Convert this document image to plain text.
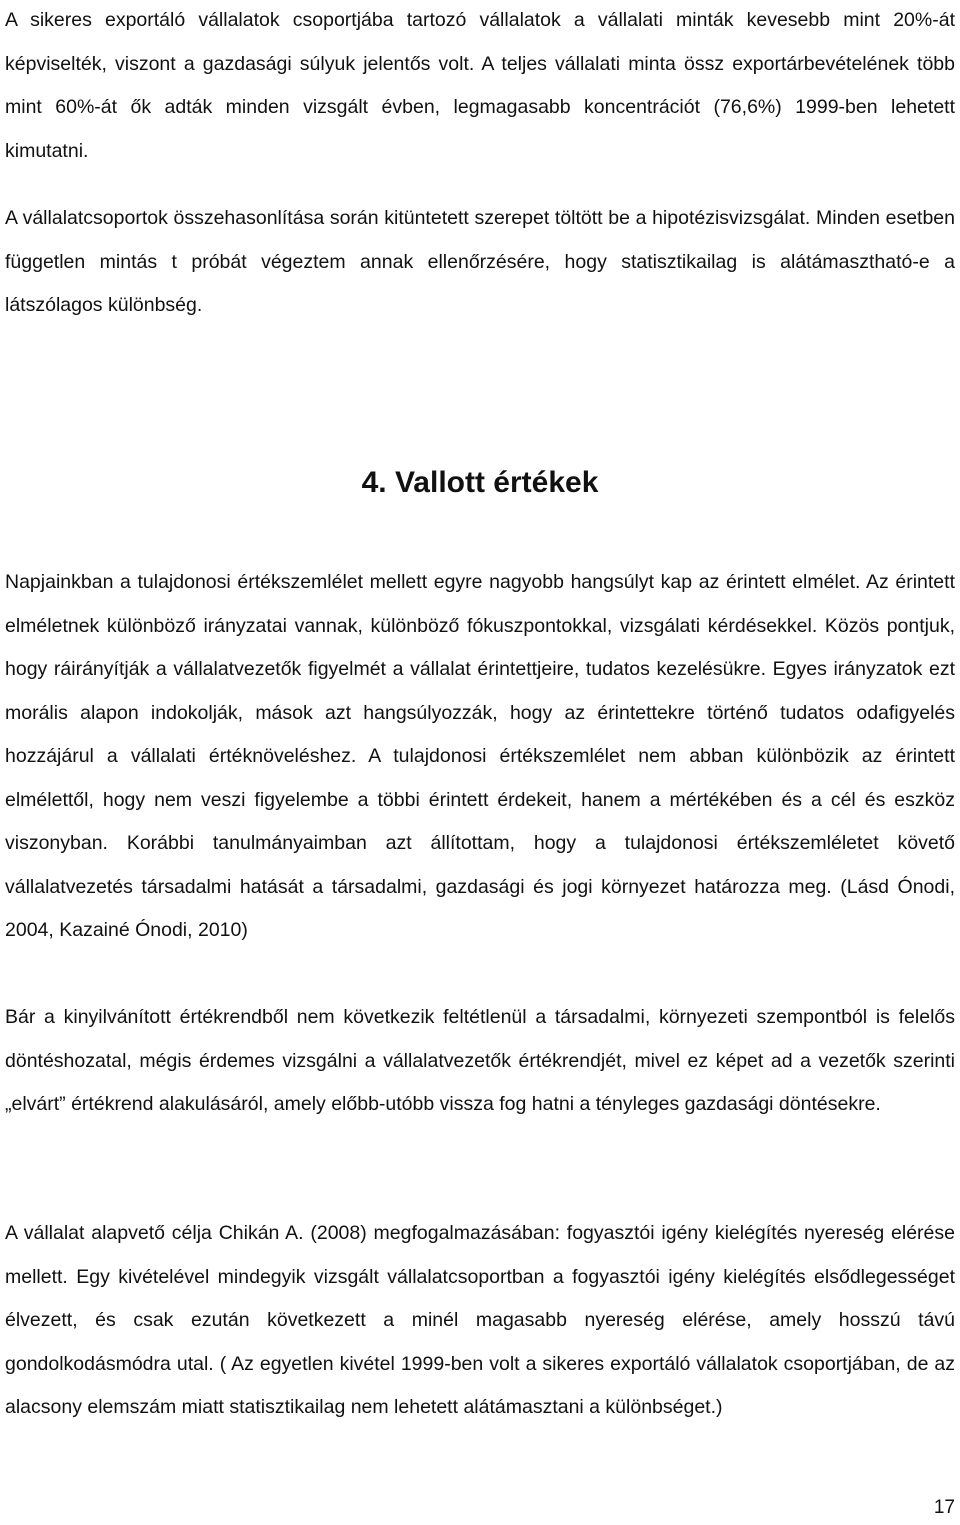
A sikeres exportáló vállalatok csoportjába tartozó vállalatok a vállalati minták kevesebb mint 20%-át képviselték, viszont a gazdasági súlyuk jelentős volt. A teljes vállalati minta össz exportárbevételének több mint 60%-át ők adták minden vizsgált évben, legmagasabb koncentrációt (76,6%) 1999-ben lehetett kimutatni.

A vállalatcsoportok összehasonlítása során kitüntetett szerepet töltött be a hipotézisvizsgálat. Minden esetben független mintás t próbát végeztem annak ellenőrzésére, hogy statisztikailag is alátámasztható-e a látszólagos különbség.

Napjainkban a tulajdonosi értékszemlélet mellett egyre nagyobb hangsúlyt kap az érintett elmélet. Az érintett elméletnek különböző irányzatai vannak, különböző fókuszpontokkal, vizsgálati kérdésekkel. Közös pontjuk, hogy ráirányítják a vállalatvezetők figyelmét a vállalat érintettjeire, tudatos kezelésükre. Egyes irányzatok ezt morális alapon indokolják, mások azt hangsúlyozzák, hogy az érintettekre történő tudatos odafigyelés hozzájárul a vállalati értéknöveléshez. A tulajdonosi értékszemlélet nem abban különbözik az érintett elmélettől, hogy nem veszi figyelembe a többi érintett érdekeit, hanem a mértékében és a cél és eszköz viszonyban. Korábbi tanulmányaimban azt állítottam, hogy a tulajdonosi értékszemléletet követő vállalatvezetés társadalmi hatását a társadalmi, gazdasági és jogi környezet határozza meg. (Lásd Ónodi, 2004, Kazainé Ónodi, 2010)

Bár a kinyilvánított értékrendből nem következik feltétlenül a társadalmi, környezeti szempontból is felelős döntéshozatal, mégis érdemes vizsgálni a vállalatvezetők értékrendjét, mivel ez képet ad a vezetők szerinti „elvárt” értékrend alakulásáról, amely előbb-utóbb vissza fog hatni a tényleges gazdasági döntésekre.

A vállalat alapvető célja Chikán A. (2008) megfogalmazásában: fogyasztói igény kielégítés nyereség elérése mellett. Egy kivételével mindegyik vizsgált vállalatcsoportban a fogyasztói igény kielégítés elsődlegességet élvezett, és csak ezután következett a minél magasabb nyereség elérése, amely hosszú távú gondolkodásmódra utal. ( Az egyetlen kivétel 1999-ben volt a sikeres exportáló vállalatok csoportjában, de az alacsony elemszám miatt statisztikailag nem lehetett alátámasztani a különbséget.)

4. Vallott értékek
17
